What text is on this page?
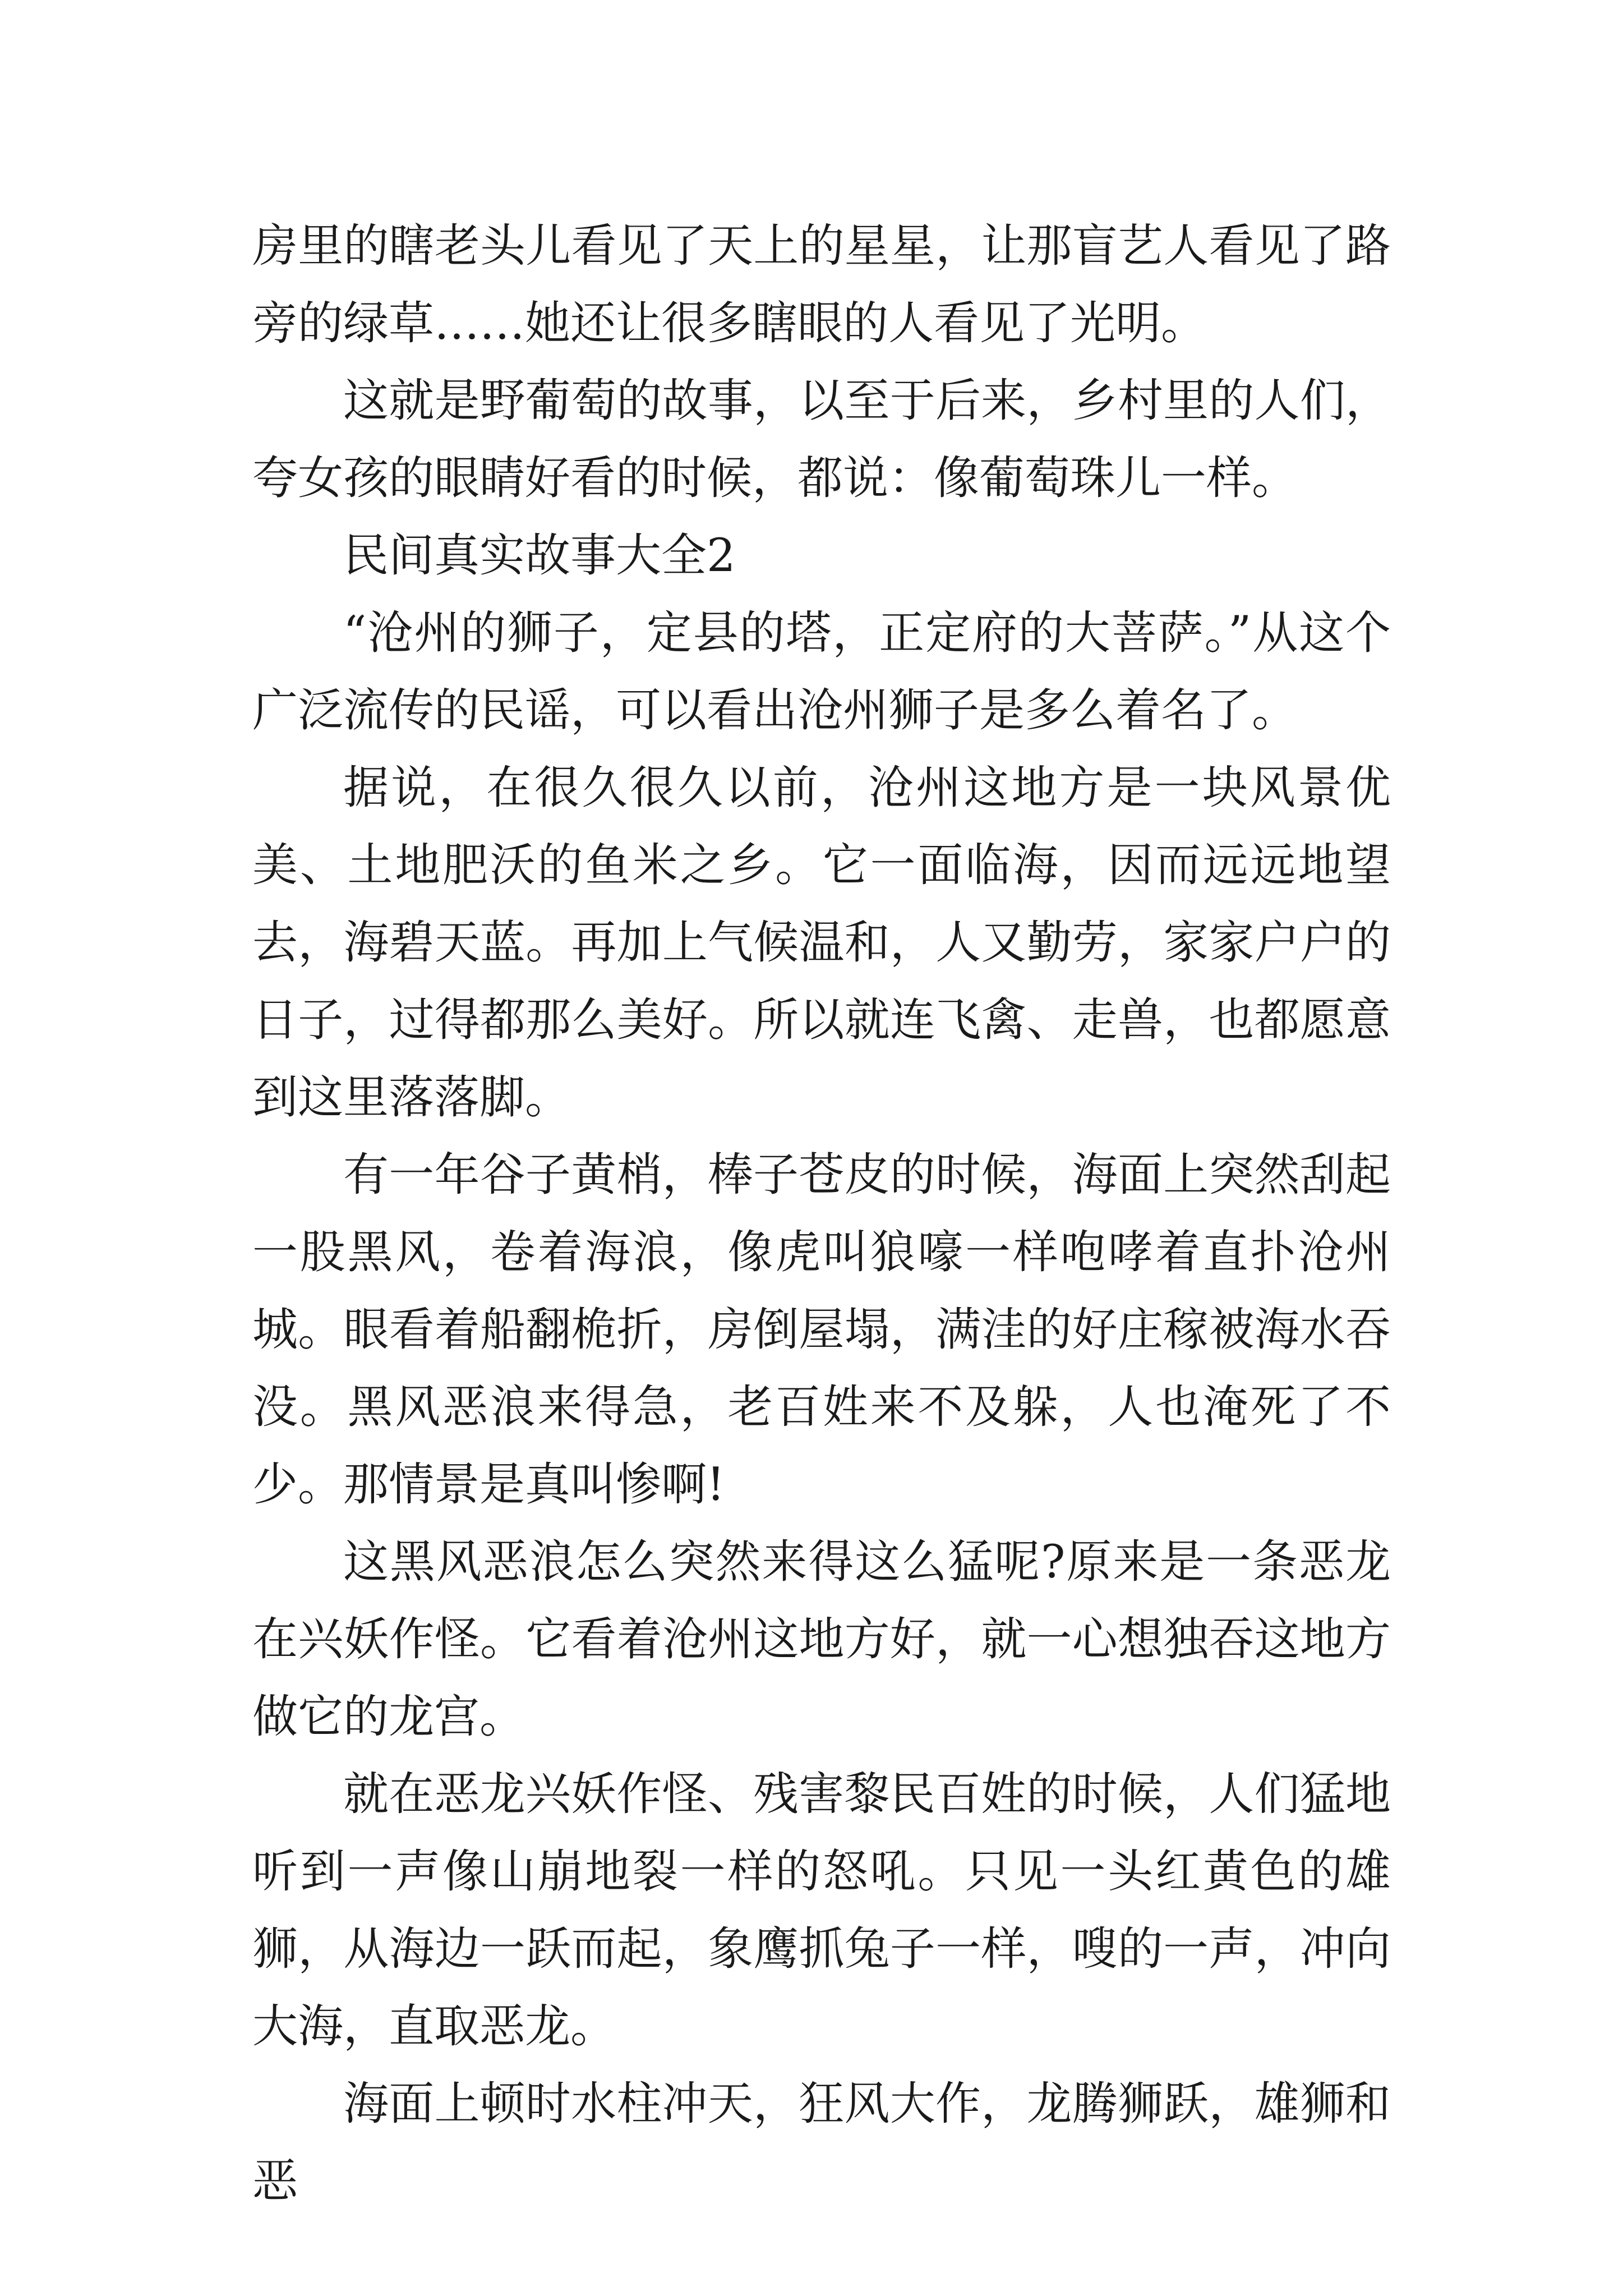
房里的瞎老头儿看见了天上的星星，让那盲艺人看见了路旁的绿草……她还让很多瞎眼的人看见了光明。

这就是野葡萄的故事，以至于后来，乡村里的人们，夸女孩的眼睛好看的时候，都说：像葡萄珠儿一样。

民间真实故事大全2

“沧州的狮子，定县的塔，正定府的大菩萨。”从这个广泛流传的民谣，可以看出沧州狮子是多么着名了。

据说，在很久很久以前，沧州这地方是一块风景优美、土地肥沃的鱼米之乡。它一面临海，因而远远地望去，海碧天蓝。再加上气候温和，人又勤劳，家家户户的日子，过得都那么美好。所以就连飞禽、走兽，也都愿意到这里落落脚。

有一年谷子黄梢，棒子苍皮的时候，海面上突然刮起一股黑风，卷着海浪，像虎叫狼嚎一样咆哮着直扑沧州城。眼看着船翻桅折，房倒屋塌，满洼的好庄稼被海水吞没。黑风恶浪来得急，老百姓来不及躲，人也淹死了不少。那情景是真叫惨啊!

这黑风恶浪怎么突然来得这么猛呢?原来是一条恶龙在兴妖作怪。它看着沧州这地方好，就一心想独吞这地方做它的龙宫。

就在恶龙兴妖作怪、残害黎民百姓的时候，人们猛地听到一声像山崩地裂一样的怒吼。只见一头红黄色的雄狮，从海边一跃而起，象鹰抓兔子一样，嗖的一声，冲向大海，直取恶龙。

海面上顿时水柱冲天，狂风大作，龙腾狮跃，雄狮和恶
